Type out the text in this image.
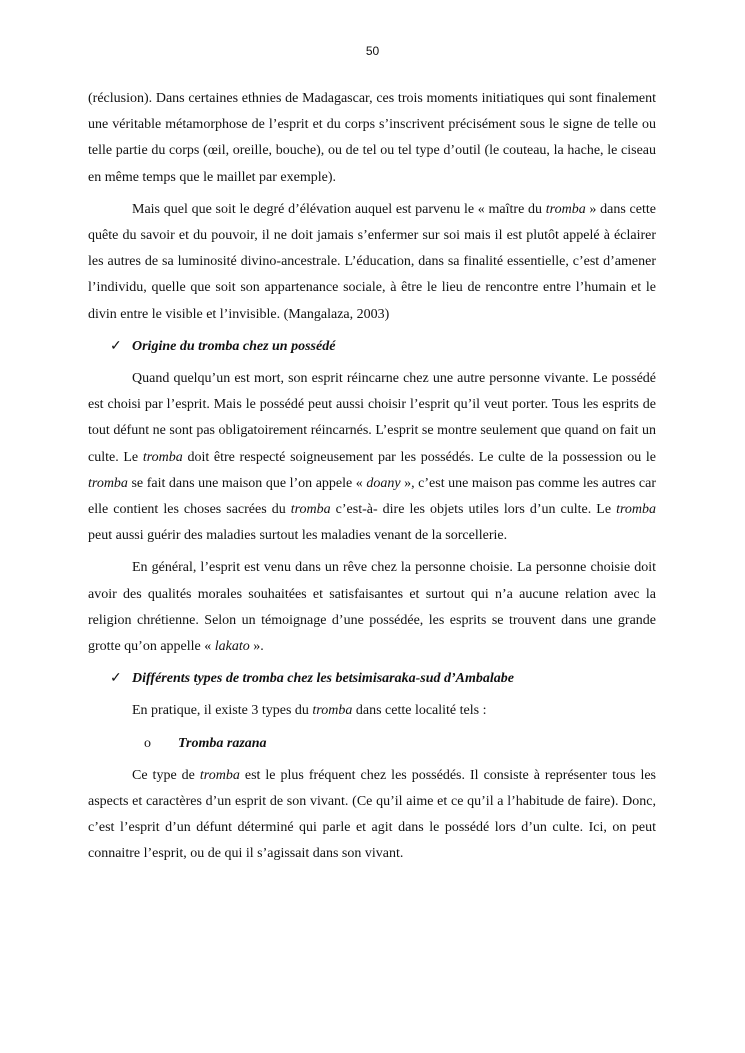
50

(réclusion). Dans certaines ethnies de Madagascar, ces trois moments initiatiques qui sont finalement une véritable métamorphose de l’esprit et du corps s’inscrivent précisément sous le signe de telle ou telle partie du corps (œil, oreille, bouche), ou de tel ou tel type d’outil (le couteau, la hache, le ciseau en même temps que le maillet par exemple).

Mais quel que soit le degré d’élévation auquel est parvenu le « maître du tromba » dans cette quête du savoir et du pouvoir, il ne doit jamais s’enfermer sur soi mais il est plutôt appelé à éclairer les autres de sa luminosité divino-ancestrale. L’éducation, dans sa finalité essentielle, c’est d’amener l’individu, quelle que soit son appartenance sociale, à être le lieu de rencontre entre l’humain et le divin entre le visible et l’invisible. (Mangalaza, 2003)

✓ Origine du tromba chez un possédé

Quand quelqu’un est mort, son esprit réincarne chez une autre personne vivante. Le possédé est choisi par l’esprit. Mais le possédé peut aussi choisir l’esprit qu’il veut porter. Tous les esprits de tout défunt ne sont pas obligatoirement réincarnés. L’esprit se montre seulement que quand on fait un culte. Le tromba doit être respecté soigneusement par les possédés. Le culte de la possession ou le tromba se fait dans une maison que l’on appele « doany », c’est une maison pas comme les autres car elle contient les choses sacrées du tromba c’est-à- dire les objets utiles lors d’un culte. Le tromba peut aussi guérir des maladies surtout les maladies venant de la sorcellerie.

En général, l’esprit est venu dans un rêve chez la personne choisie. La personne choisie doit avoir des qualités morales souhaitées et satisfaisantes et surtout qui n’a aucune relation avec la religion chrétienne. Selon un témoignage d’une possédée, les esprits se trouvent dans une grande grotte qu’on appelle « lakato ».

✓ Différents types de tromba chez les betsimisaraka-sud d’Ambalabe

En pratique, il existe 3 types du tromba dans cette localité tels :

o	Tromba razana

Ce type de tromba est le plus fréquent chez les possédés. Il consiste à représenter tous les aspects et caractères d’un esprit de son vivant. (Ce qu’il aime et ce qu’il a l’habitude de faire). Donc, c’est l’esprit d’un défunt déterminé qui parle et agit dans le possédé lors d’un culte. Ici, on peut connaitre l’esprit, ou de qui il s’agissait dans son vivant.
